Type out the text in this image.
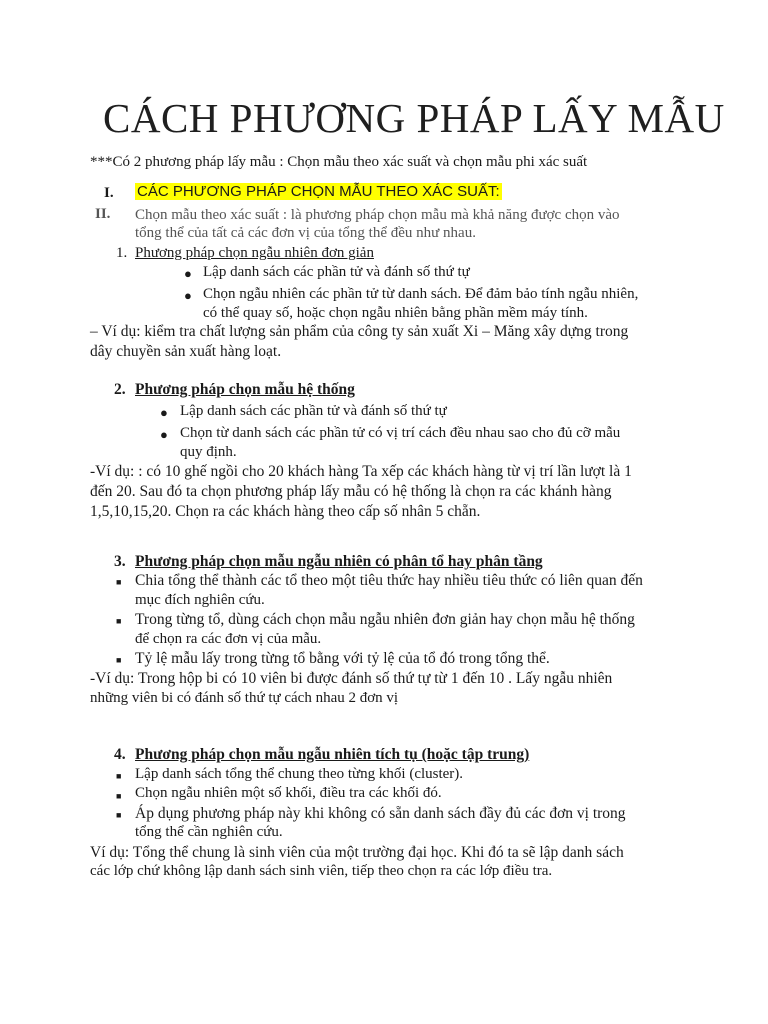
CÁCH PHƯƠNG PHÁP LẤY MẪU
***Có 2 phương pháp lấy mẫu : Chọn mẫu theo xác suất và chọn mẫu phi xác suất
I. CÁC PHƯƠNG PHÁP CHỌN MẪU THEO XÁC SUẤT:
II. Chọn mẫu theo xác suất : là phương pháp chọn mẫu mà khả năng được chọn vào
tổng thể của tất cả các đơn vị của tổng thể đều như nhau.
1. Phương pháp chọn ngẫu nhiên đơn giản
● Lập danh sách các phần tử và đánh số thứ tự
● Chọn ngẫu nhiên các phần tử từ danh sách. Để đảm bảo tính ngẫu nhiên,
có thể quay số, hoặc chọn ngẫu nhiên bằng phần mềm máy tính.
– Ví dụ: kiểm tra chất lượng sản phẩm của công ty sản xuất Xi – Măng xây dựng trong
dây chuyền sản xuất hàng loạt.
2. Phương pháp chọn mẫu hệ thống
● Lập danh sách các phần tử và đánh số thứ tự
● Chọn từ danh sách các phần tử có vị trí cách đều nhau sao cho đủ cỡ mẫu
quy định.
-Ví dụ: : có 10 ghế ngồi cho 20 khách hàng Ta xếp các khách hàng từ vị trí lần lượt là 1
đến 20. Sau đó ta chọn phương pháp lấy mẫu có hệ thống là chọn ra các khánh hàng
1,5,10,15,20. Chọn ra các khách hàng theo cấp số nhân 5 chẵn.
3. Phương pháp chọn mẫu ngẫu nhiên có phân tổ hay phân tầng
■ Chia tổng thể thành các tổ theo một tiêu thức hay nhiều tiêu thức có liên quan đến
mục đích nghiên cứu.
■ Trong từng tổ, dùng cách chọn mẫu ngẫu nhiên đơn giản hay chọn mẫu hệ thống
để chọn ra các đơn vị của mẫu.
■ Tỷ lệ mẫu lấy trong từng tổ bằng với tỷ lệ của tổ đó trong tổng thể.
-Ví dụ: Trong hộp bi có 10 viên bi được đánh số thứ tự từ 1 đến 10 . Lấy ngẫu nhiên
những viên bi có đánh số thứ tự cách nhau 2 đơn vị
4. Phương pháp chọn mẫu ngẫu nhiên tích tụ (hoặc tập trung)
■ Lập danh sách tổng thể chung theo từng khối (cluster).
■ Chọn ngẫu nhiên một số khối, điều tra các khối đó.
■ Áp dụng phương pháp này khi không có sẵn danh sách đầy đủ các đơn vị trong
tổng thể cần nghiên cứu.
Ví dụ: Tổng thể chung là sinh viên của một trường đại học. Khi đó ta sẽ lập danh sách
các lớp chứ không lập danh sách sinh viên, tiếp theo chọn ra các lớp điều tra.
